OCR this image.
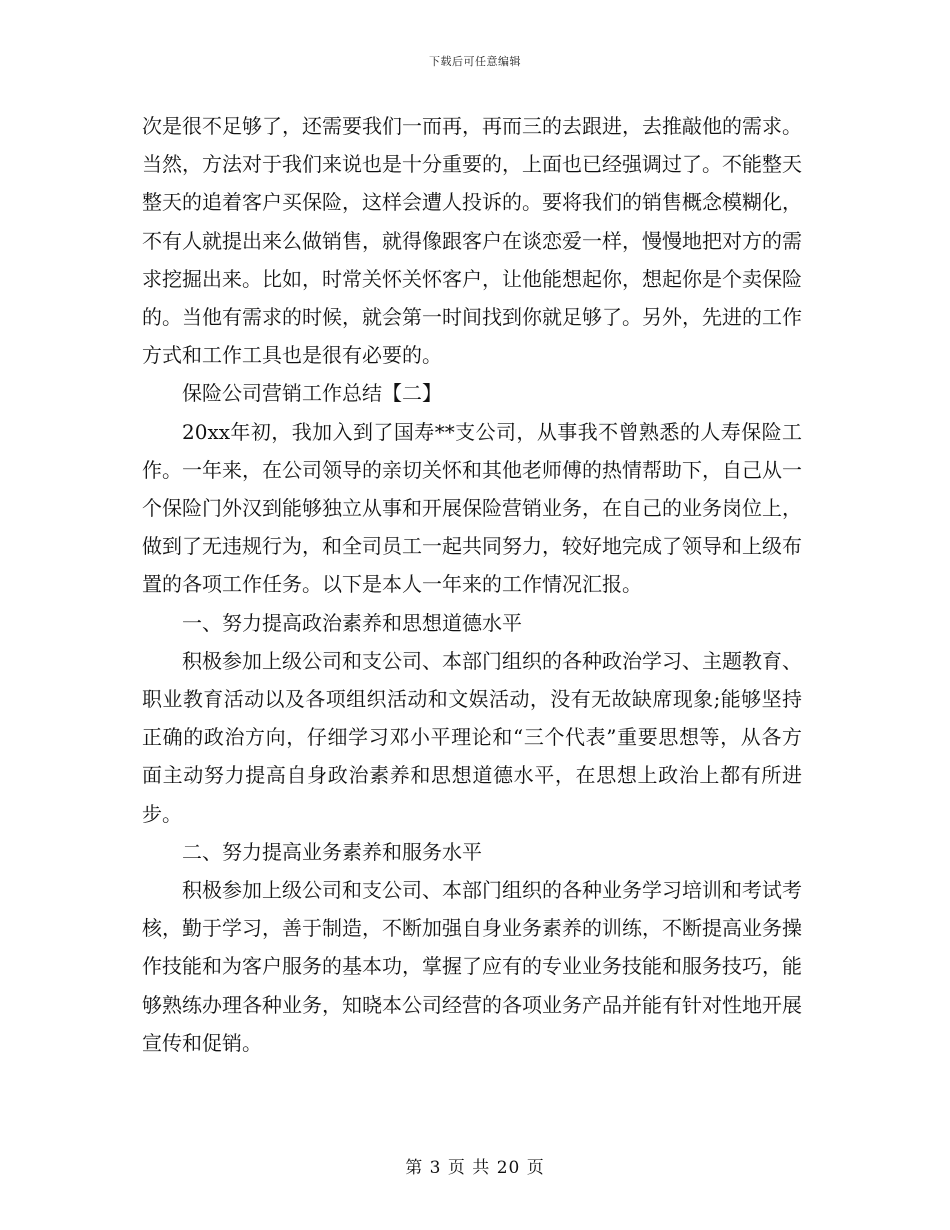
下载后可任意编辑

次是很不足够了，还需要我们一而再，再而三的去跟进，去推敲他的需求。当然，方法对于我们来说也是十分重要的，上面也已经强调过了。不能整天整天的追着客户买保险，这样会遭人投诉的。要将我们的销售概念模糊化，不有人就提出来么做销售，就得像跟客户在谈恋爱一样，慢慢地把对方的需求挖掘出来。比如，时常关怀关怀客户，让他能想起你，想起你是个卖保险的。当他有需求的时候，就会第一时间找到你就足够了。另外，先进的工作方式和工作工具也是很有必要的。

保险公司营销工作总结【二】

20xx年初，我加入到了国寿**支公司，从事我不曾熟悉的人寿保险工作。一年来，在公司领导的亲切关怀和其他老师傅的热情帮助下，自己从一个保险门外汉到能够独立从事和开展保险营销业务，在自己的业务岗位上，做到了无违规行为，和全司员工一起共同努力，较好地完成了领导和上级布置的各项工作任务。以下是本人一年来的工作情况汇报。

一、努力提高政治素养和思想道德水平

积极参加上级公司和支公司、本部门组织的各种政治学习、主题教育、职业教育活动以及各项组织活动和文娱活动，没有无故缺席现象;能够坚持正确的政治方向，仔细学习邓小平理论和“三个代表”重要思想等，从各方面主动努力提高自身政治素养和思想道德水平，在思想上政治上都有所进步。

二、努力提高业务素养和服务水平

积极参加上级公司和支公司、本部门组织的各种业务学习培训和考试考核，勤于学习，善于制造，不断加强自身业务素养的训练，不断提高业务操作技能和为客户服务的基本功，掌握了应有的专业业务技能和服务技巧，能够熟练办理各种业务，知晓本公司经营的各项业务产品并能有针对性地开展宣传和促销。

第 3 页 共 20 页
